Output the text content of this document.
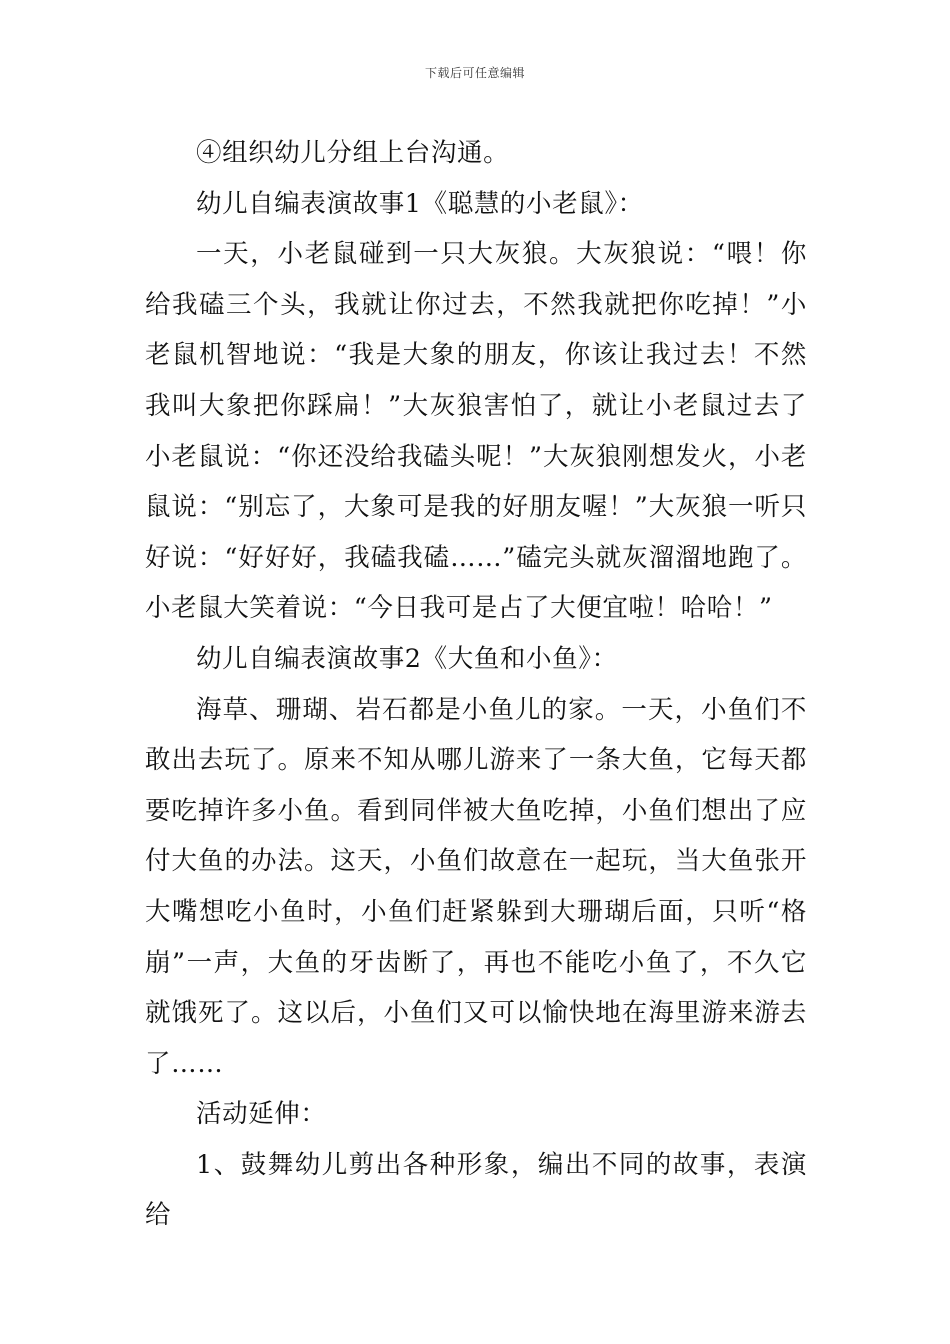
下载后可任意编辑

④组织幼儿分组上台沟通。

幼儿自编表演故事1《聪慧的小老鼠》：

一天，小老鼠碰到一只大灰狼。大灰狼说：“喂！你给我磕三个头，我就让你过去，不然我就把你吃掉！”小老鼠机智地说：“我是大象的朋友，你该让我过去！不然我叫大象把你踩扁！”大灰狼害怕了，就让小老鼠过去了小老鼠说：“你还没给我磕头呢！”大灰狼刚想发火，小老鼠说：“别忘了，大象可是我的好朋友喔！”大灰狼一听只好说：“好好好，我磕我磕……”磕完头就灰溜溜地跑了。小老鼠大笑着说：“今日我可是占了大便宜啦！哈哈！”

幼儿自编表演故事2《大鱼和小鱼》：

海草、珊瑚、岩石都是小鱼儿的家。一天，小鱼们不敢出去玩了。原来不知从哪儿游来了一条大鱼，它每天都要吃掉许多小鱼。看到同伴被大鱼吃掉，小鱼们想出了应付大鱼的办法。这天，小鱼们故意在一起玩，当大鱼张开大嘴想吃小鱼时，小鱼们赶紧躲到大珊瑚后面，只听“格崩”一声，大鱼的牙齿断了，再也不能吃小鱼了，不久它就饿死了。这以后，小鱼们又可以愉快地在海里游来游去了……

活动延伸：

1、鼓舞幼儿剪出各种形象，编出不同的故事，表演给
